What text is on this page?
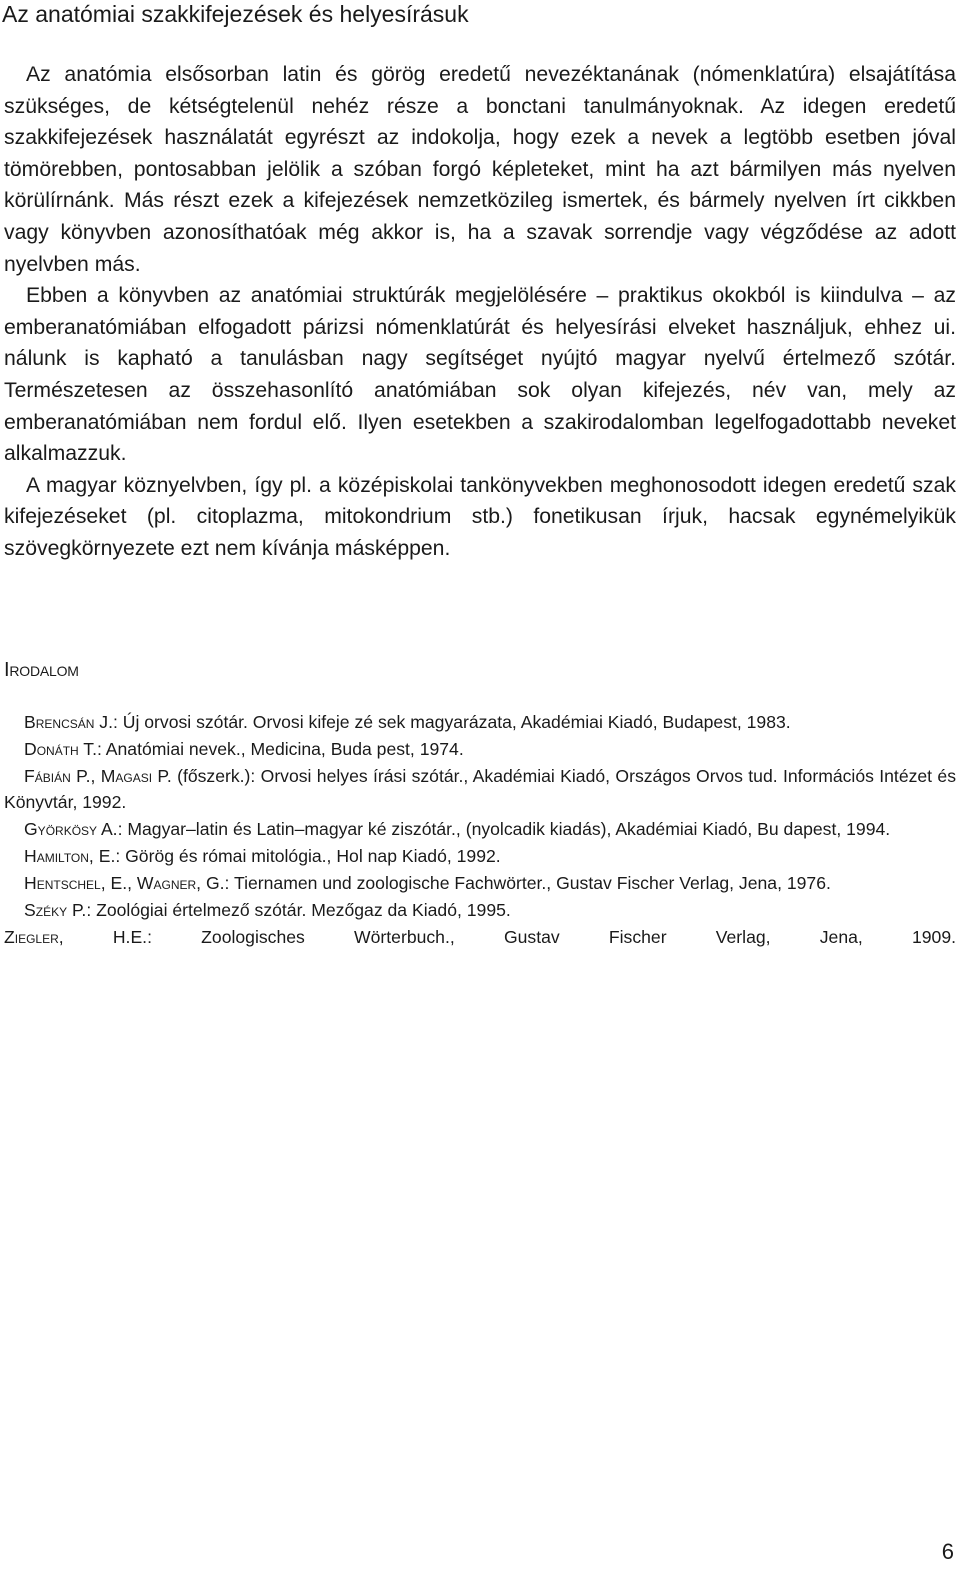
Az anatómiai szakkifejezések és helyesírásuk

Az anatómia elsősorban latin és görög eredetű nevezéktanának (nómenklatúra) elsajátítása szükséges, de kétségtelenül nehéz része a bonctani tanulmányoknak. Az idegen eredetű szakkifejezések használatát egyrészt az indokolja, hogy ezek a nevek a legtöbb esetben jóval tömörebben, pontosabban jelölik a szóban forgó képleteket, mint ha azt bármilyen más nyelven körülírnánk. Más részt ezek a kifejezések nemzetközileg ismertek, és bármely nyelven írt cikkben vagy könyvben azonosíthatóak még akkor is, ha a szavak sorrendje vagy végződése az adott nyelvben más.

Ebben a könyvben az anatómiai struktúrák megjelölésére – praktikus okokból is kiindulva – az emberanatómiában elfogadott párizsi nómenklatúrát és helyesírási elveket használjuk, ehhez ui. nálunk is kapható a tanulásban nagy segítséget nyújtó magyar nyelvű értelmező szótár. Természetesen az összehasonlító anatómiában sok olyan kifejezés, név van, mely az emberanatómiában nem fordul elő. Ilyen esetekben a szakirodalomban legelfogadottabb neveket alkalmazzuk.

A magyar köznyelvben, így pl. a középiskolai tankönyvekben meghonosodott idegen eredetű szak kifejezéseket (pl. citoplazma, mitokondrium stb.) fonetikusan írjuk, hacsak egynémelyikük szövegkörnyezete ezt nem kívánja másképpen.

Irodalom

Brencsán J.: Új orvosi szótár. Orvosi kifeje zé sek magyarázata, Akadémiai Kiadó, Budapest, 1983.

Donáth T.: Anatómiai nevek., Medicina, Buda pest, 1974.

Fábián P., Magasi P. (főszerk.): Orvosi helyes írási szótár., Akadémiai Kiadó, Országos Orvos tud. Információs Intézet és Könyvtár, 1992.

Györkösy A.: Magyar–latin és Latin–magyar ké ziszótár., (nyolcadik kiadás), Akadémiai Kiadó, Bu dapest, 1994.

Hamilton, E.: Görög és római mitológia., Hol nap Kiadó, 1992.

Hentschel, E., Wagner, G.: Tiernamen und zoologische Fachwörter., Gustav Fischer Verlag, Jena, 1976.

Széky P.: Zoológiai értelmező szótár. Mezőgaz da Kiadó, 1995.

Ziegler, H.E.: Zoologisches Wörterbuch., Gustav Fischer Verlag, Jena, 1909.

6
